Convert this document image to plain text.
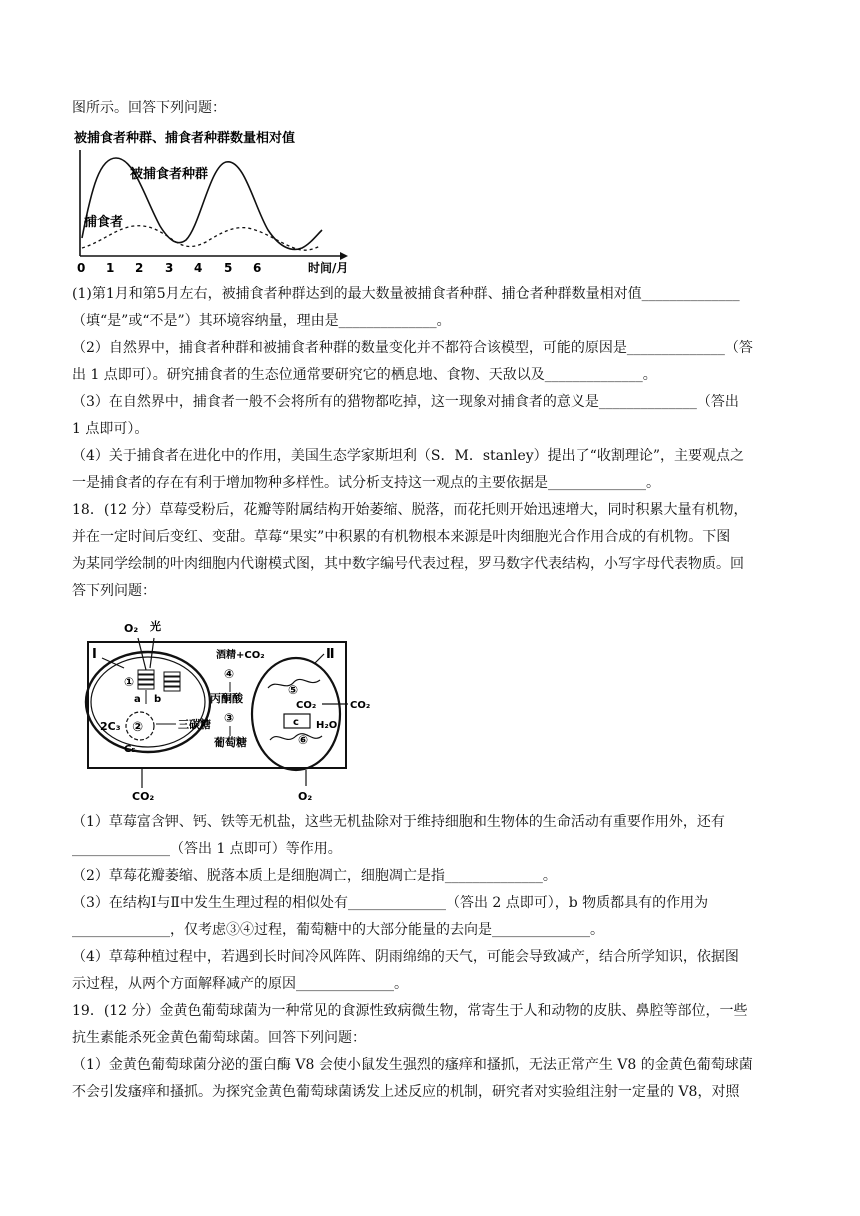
图所示。回答下列问题：
被捕食者种群、捕食者种群数量相对值
被捕食者种群
捕食者
0 1 2 3 4 5 6	时间/月
(1)第1月和第5月左右，被捕食者种群达到的最大数量被捕食者种群、捕仓者种群数量相对值______________
（填“是”或“不是”）其环境容纳量，理由是______________。
（2）自然界中，捕食者种群和被捕食者种群的数量变化并不都符合该模型，可能的原因是______________（答
出 1 点即可）。研究捕食者的生态位通常要研究它的栖息地、食物、天敌以及______________。
（3）在自然界中，捕食者一般不会将所有的猎物都吃掉，这一现象对捕食者的意义是______________（答出
1 点即可）。
（4）关于捕食者在进化中的作用，美国生态学家斯坦利（S．M．stanley）提出了“收割理论”，主要观点之
一是捕食者的存在有利于增加物种多样性。试分析支持这一观点的主要依据是______________。
18．(12 分）草莓受粉后，花瓣等附属结构开始萎缩、脱落，而花托则开始迅速增大，同时积累大量有机物，
并在一定时间后变红、变甜。草莓“果实”中积累的有机物根本来源是叶肉细胞光合作用合成的有机物。下图
为某同学绘制的叶肉细胞内代谢模式图，其中数字编号代表过程，罗马数字代表结构，小写字母代表物质。回
答下列问题：
O₂ 光
Ⅰ
①
a b
2C₃ ②
C₅
三碳糖
CO₂
酒精+CO₂
④
丙酮酸
③
葡萄糖
Ⅱ
⑤
CO₂	CO₂
c H₂O
⑥
O₂
（1）草莓富含钾、钙、铁等无机盐，这些无机盐除对于维持细胞和生物体的生命活动有重要作用外，还有
______________（答出 1 点即可）等作用。
（2）草莓花瓣萎缩、脱落本质上是细胞凋亡，细胞凋亡是指______________。
（3）在结构Ⅰ与Ⅱ中发生生理过程的相似处有______________（答出 2 点即可），b 物质都具有的作用为
______________，仅考虑③④过程，葡萄糖中的大部分能量的去向是______________。
（4）草莓种植过程中，若遇到长时间冷风阵阵、阴雨绵绵的天气，可能会导致减产，结合所学知识，依据图
示过程，从两个方面解释减产的原因______________。
19．(12 分）金黄色葡萄球菌为一种常见的食源性致病微生物，常寄生于人和动物的皮肤、鼻腔等部位，一些
抗生素能杀死金黄色葡萄球菌。回答下列问题：
（1）金黄色葡萄球菌分泌的蛋白酶 V8 会使小鼠发生强烈的瘙痒和搔抓，无法正常产生 V8 的金黄色葡萄球菌
不会引发瘙痒和搔抓。为探究金黄色葡萄球菌诱发上述反应的机制，研究者对实验组注射一定量的 V8，对照
